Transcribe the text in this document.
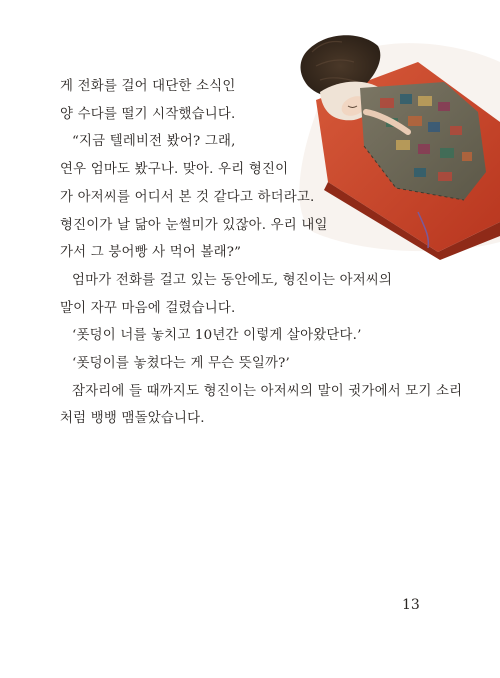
게 전화를 걸어 대단한 소식인
양 수다를 떨기 시작했습니다.
“지금 텔레비전 봤어? 그래,
연우 엄마도 봤구나. 맞아. 우리 형진이
가 아저씨를 어디서 본 것 같다고 하더라고.
형진이가 날 닮아 눈썰미가 있잖아. 우리 내일
가서 그 붕어빵 사 먹어 볼래?”
엄마가 전화를 걸고 있는 동안에도, 형진이는 아저씨의
말이 자꾸 마음에 걸렸습니다.
‘폿덩이 너를 놓치고 10년간 이렇게 살아왔단다.’
‘폿덩이를 놓쳤다는 게 무슨 뜻일까?’
잠자리에 들 때까지도 형진이는 아저씨의 말이 귓가에서 모기 소리
처럼 뱅뱅 맴돌았습니다.
13
